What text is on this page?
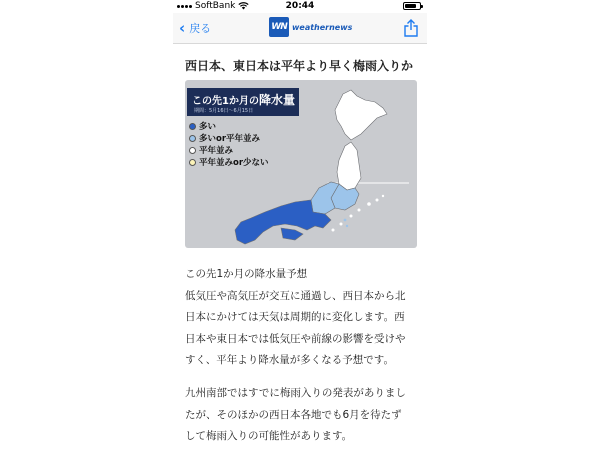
SoftBank	20:44
‹ 戻る	WN weathernews
西日本、東日本は平年より早く梅雨入りか
この先1か月の降水量
期間：5月16日〜6月15日
多い
多いor平年並み
平年並み
平年並みor少ない

この先1か月の降水量予想

低気圧や高気圧が交互に通過し、西日本から北

日本にかけては天気は周期的に変化します。西

日本や東日本では低気圧や前線の影響を受けや

すく、平年より降水量が多くなる予想です。

九州南部ではすでに梅雨入りの発表がありまし

たが、そのほかの西日本各地でも6月を待たず

して梅雨入りの可能性があります。
